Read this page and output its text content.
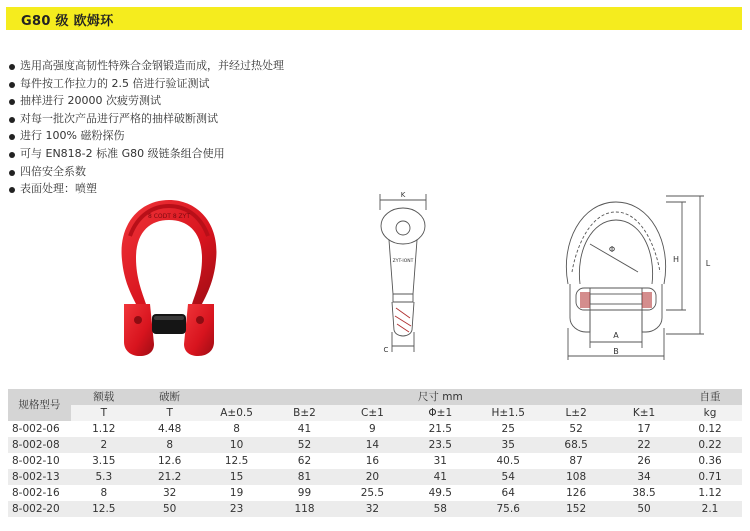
G80 级 欧姆环
选用高强度高韧性特殊合金钢锻造而成，并经过热处理
每件按工作拉力的 2.5 倍进行验证测试
抽样进行 20000 次疲劳测试
对每一批次产品进行严格的抽样破断测试
进行 100% 磁粉探伤
可与 EN818-2 标准 G80 级链条组合使用
四倍安全系数
表面处理：喷塑
8 CODT 8 ZYT
K
ZYT-IONT
C
Φ
H	L
A
B
规格型号	额载	破断	尺寸 mm							自重
	T	T	A±0.5	B±2	C±1	Φ±1	H±1.5	L±2	K±1	kg
8-002-06	1.12	4.48	8	41	9	21.5	25	52	17	0.12
8-002-08	2	8	10	52	14	23.5	35	68.5	22	0.22
8-002-10	3.15	12.6	12.5	62	16	31	40.5	87	26	0.36
8-002-13	5.3	21.2	15	81	20	41	54	108	34	0.71
8-002-16	8	32	19	99	25.5	49.5	64	126	38.5	1.12
8-002-20	12.5	50	23	118	32	58	75.6	152	50	2.1
